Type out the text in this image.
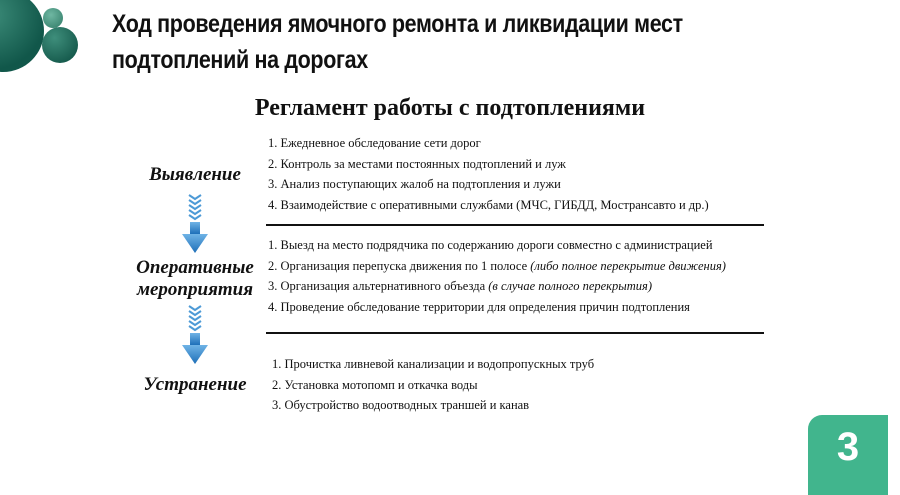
Ход проведения ямочного ремонта и ликвидации мест подтоплений на дорогах
Регламент работы с подтоплениями
Выявление
1. Ежедневное обследование сети дорог
2. Контроль за местами постоянных подтоплений и луж
3. Анализ поступающих жалоб на подтопления и лужи
4. Взаимодействие с оперативными службами (МЧС, ГИБДД, Мострансавто и др.)
Оперативные
мероприятия
1. Выезд на место подрядчика по содержанию дороги совместно с администрацией
2. Организация перепуска движения по 1 полосе (либо полное перекрытие движения)
3. Организация альтернативного объезда (в случае полного перекрытия)
4. Проведение обследование территории для определения причин подтопления
Устранение
1. Прочистка ливневой канализации и водопропускных труб
2. Установка мотопомп и откачка воды
3. Обустройство водоотводных траншей и канав
3
